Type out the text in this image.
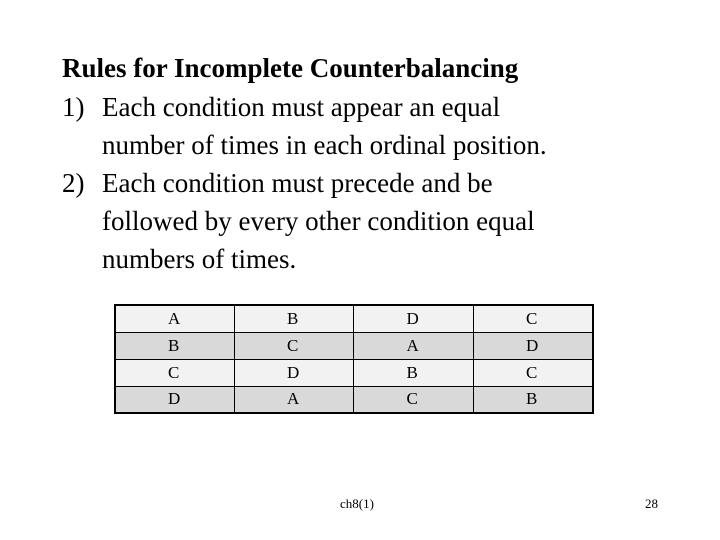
Rules for Incomplete Counterbalancing
1) Each condition must appear an equal
number of times in each ordinal position.
2) Each condition must precede and be
followed by every other condition equal
numbers of times.
A	B	D	C
B	C	A	D
C	D	B	C
D	A	C	B
ch8(1)	28
